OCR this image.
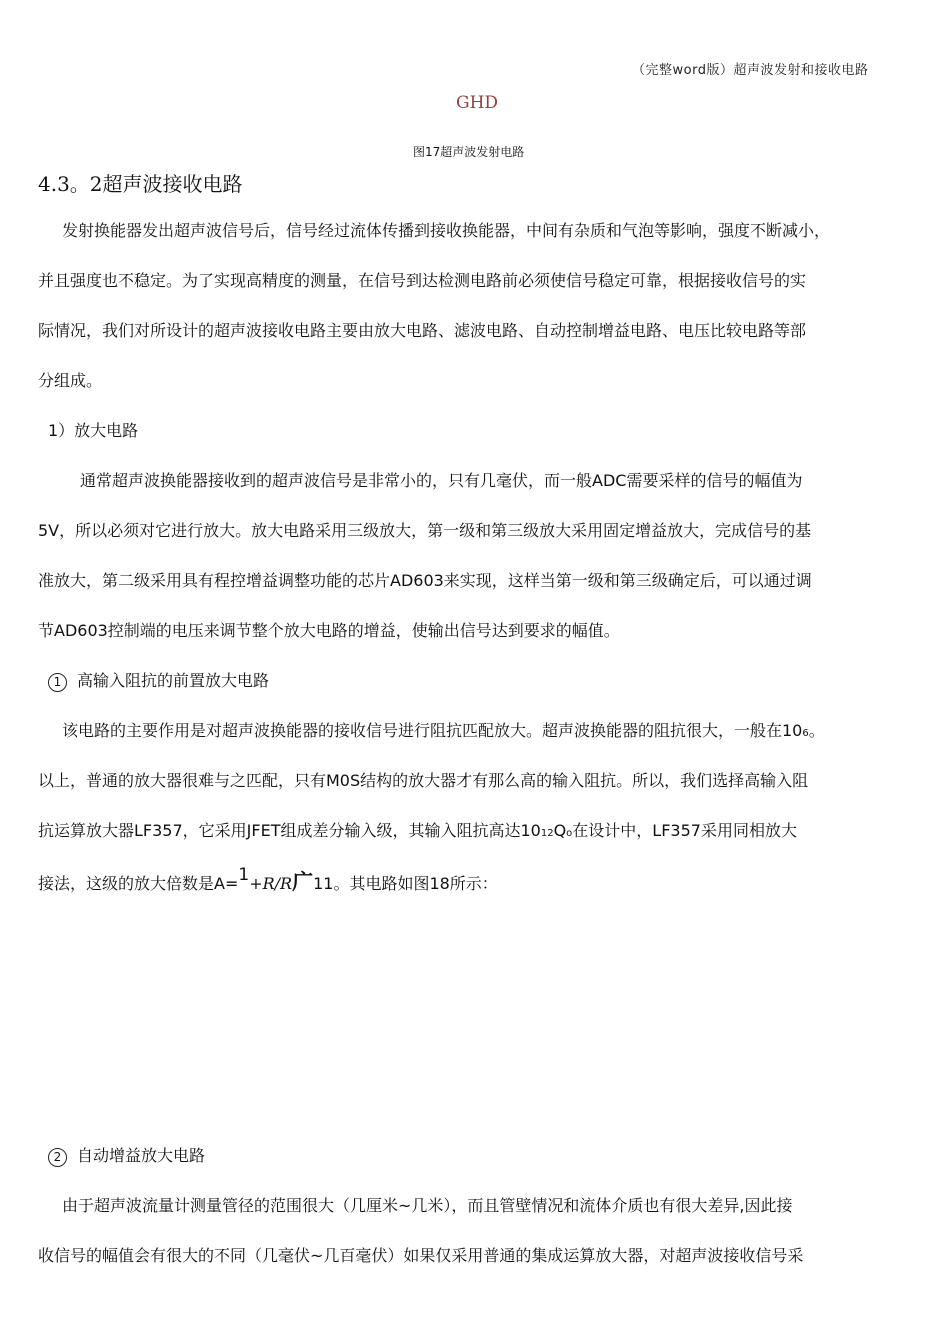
（完整word版）超声波发射和接收电路
GHD
图17超声波发射电路
4.3。2超声波接收电路
发射换能器发出超声波信号后，信号经过流体传播到接收换能器，中间有杂质和气泡等影响，强度不断减小，
并且强度也不稳定。为了实现高精度的测量，在信号到达检测电路前必须使信号稳定可靠，根据接收信号的实
际情况，我们对所设计的超声波接收电路主要由放大电路、滤波电路、自动控制增益电路、电压比较电路等部
分组成。
1）放大电路
通常超声波换能器接收到的超声波信号是非常小的，只有几毫伏，而一般ADC需要采样的信号的幅值为
5V，所以必须对它进行放大。放大电路采用三级放大，第一级和第三级放大采用固定增益放大，完成信号的基
准放大，第二级采用具有程控增益调整功能的芯片AD603来实现，这样当第一级和第三级确定后，可以通过调
节AD603控制端的电压来调节整个放大电路的增益，使输出信号达到要求的幅值。
1 高输入阻抗的前置放大电路
该电路的主要作用是对超声波换能器的接收信号进行阻抗匹配放大。超声波换能器的阻抗很大，一般在106。
以上，普通的放大器很难与之匹配，只有M0S结构的放大器才有那么高的输入阻抗。所以，我们选择高输入阻
抗运算放大器LF357，它采用JFET组成差分输入级，其输入阻抗高达1012Qo在设计中，LF357采用同相放大
接法，这级的放大倍数是A=1+R/R广11。其电路如图18所示：
2 自动增益放大电路
由于超声波流量计测量管径的范围很大（几厘米~几米），而且管壁情况和流体介质也有很大差异,因此接
收信号的幅值会有很大的不同（几毫伏~几百毫伏）如果仅采用普通的集成运算放大器，对超声波接收信号采
